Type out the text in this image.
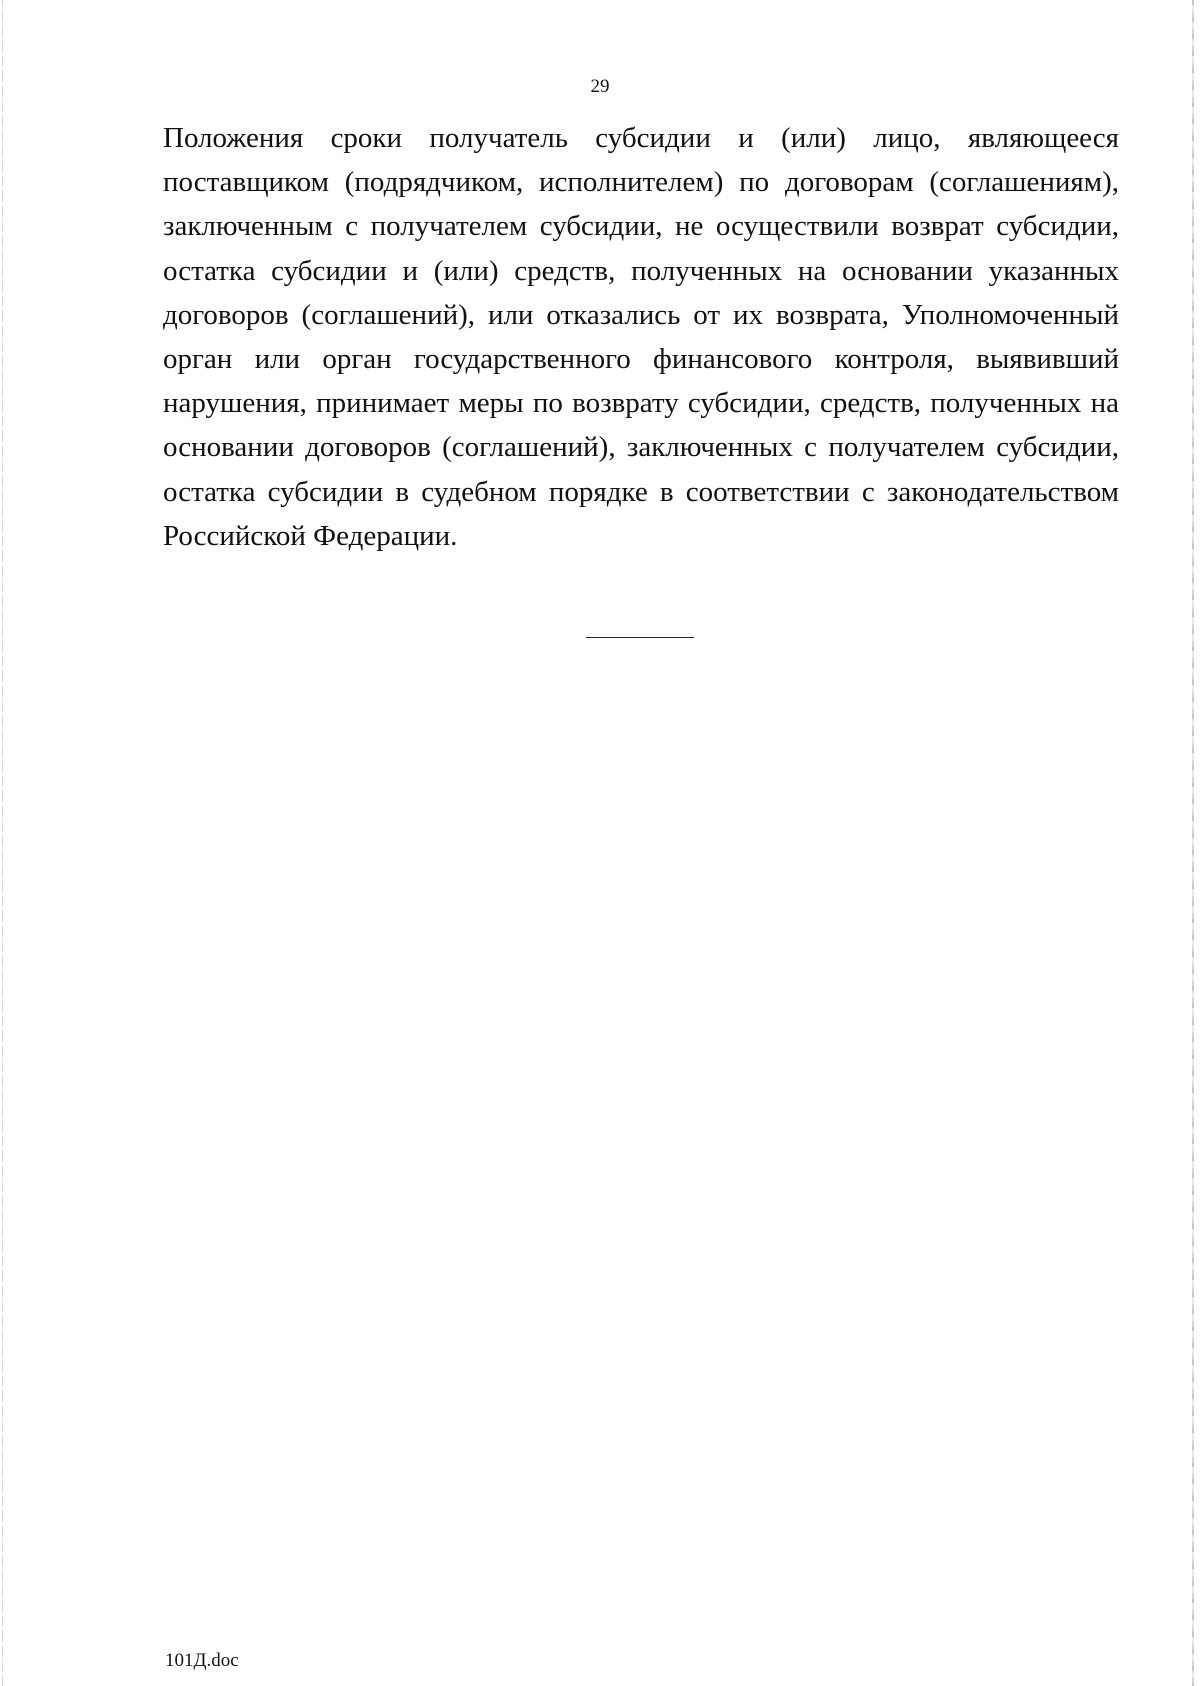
29

Положения сроки получатель субсидии и (или) лицо, являющееся поставщиком (подрядчиком, исполнителем) по договорам (соглашениям), заключенным с получателем субсидии, не осуществили возврат субсидии, остатка субсидии и (или) средств, полученных на основании указанных договоров (соглашений), или отказались от их возврата, Уполномоченный орган или орган государственного финансового контроля, выявивший нарушения, принимает меры по возврату субсидии, средств, полученных на основании договоров (соглашений), заключенных с получателем субсидии, остатка субсидии в судебном порядке в соответствии с законодательством Российской Федерации.

101Д.doc
